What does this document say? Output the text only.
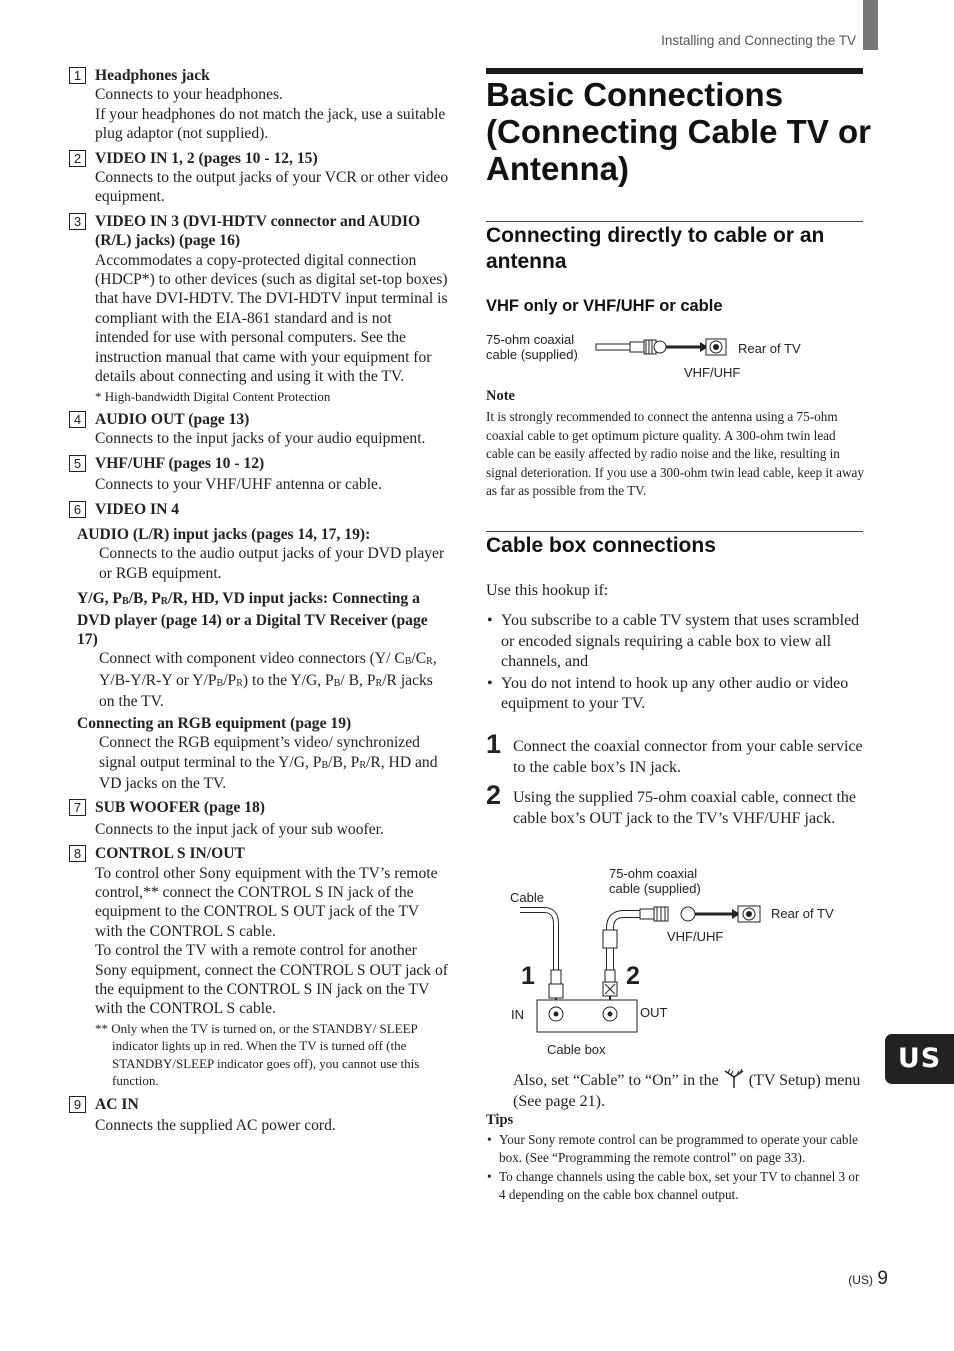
Installing and Connecting the TV
1 Headphones jack
Connects to your headphones.
If your headphones do not match the jack, use a suitable plug adaptor (not supplied).
2 VIDEO IN 1, 2 (pages 10 - 12, 15)
Connects to the output jacks of your VCR or other video equipment.
3 VIDEO IN 3 (DVI-HDTV connector and AUDIO (R/L) jacks) (page 16)
Accommodates a copy-protected digital connection (HDCP*) to other devices (such as digital set-top boxes) that have DVI-HDTV. The DVI-HDTV input terminal is compliant with the EIA-861 standard and is not intended for use with personal computers. See the instruction manual that came with your equipment for details about connecting and using it with the TV.
* High-bandwidth Digital Content Protection
4 AUDIO OUT (page 13)
Connects to the input jacks of your audio equipment.
5 VHF/UHF (pages 10 - 12)
Connects to your VHF/UHF antenna or cable.
6 VIDEO IN 4
AUDIO (L/R) input jacks (pages 14, 17, 19):
Connects to the audio output jacks of your DVD player or RGB equipment.
Y/G, $P_B/B$, $P_R/R$, HD, VD input jacks: Connecting a DVD player (page 14) or a Digital TV Receiver (page 17)
Connect with component video connectors (Y/ $C_B/C_R$, Y/B-Y/R-Y or $Y/P_B/P_R$) to the Y/G, $P_B/$ B, $P_R/R$ jacks on the TV.
Connecting an RGB equipment (page 19)
Connect the RGB equipment’s video/ synchronized signal output terminal to the Y/G, $P_B/B$, $P_R/R$, HD and VD jacks on the TV.
7 SUB WOOFER (page 18)
Connects to the input jack of your sub woofer.
8 CONTROL S IN/OUT
To control other Sony equipment with the TV’s remote control,** connect the CONTROL S IN jack of the equipment to the CONTROL S OUT jack of the TV with the CONTROL S cable.
To control the TV with a remote control for another Sony equipment, connect the CONTROL S OUT jack of the equipment to the CONTROL S IN jack on the TV with the CONTROL S cable.
** Only when the TV is turned on, or the STANDBY/ SLEEP indicator lights up in red. When the TV is turned off (the STANDBY/SLEEP indicator goes off), you cannot use this function.
9 AC IN
Connects the supplied AC power cord.
Basic Connections (Connecting Cable TV or Antenna)
Connecting directly to cable or an antenna
VHF only or VHF/UHF or cable
75-ohm coaxial cable (supplied)	Rear of TV
VHF/UHF
Note
It is strongly recommended to connect the antenna using a 75-ohm coaxial cable to get optimum picture quality. A 300-ohm twin lead cable can be easily affected by radio noise and the like, resulting in signal deterioration. If you use a 300-ohm twin lead cable, keep it away as far as possible from the TV.
Cable box connections
Use this hookup if:
• You subscribe to a cable TV system that uses scrambled or encoded signals requiring a cable box to view all channels, and
• You do not intend to hook up any other audio or video equipment to your TV.
1 Connect the coaxial connector from your cable service to the cable box’s IN jack.
2 Using the supplied 75-ohm coaxial cable, connect the cable box’s OUT jack to the TV’s VHF/UHF jack.
75-ohm coaxial cable (supplied)
Cable
1	2
Rear of TV
VHF/UHF
IN	OUT
Cable box
Also, set “Cable” to “On” in the (TV Setup) menu (See page 21).
Tips
• Your Sony remote control can be programmed to operate your cable box. (See “Programming the remote control” on page 33).
• To change channels using the cable box, set your TV to channel 3 or 4 depending on the cable box channel output.
US
(US) 9
